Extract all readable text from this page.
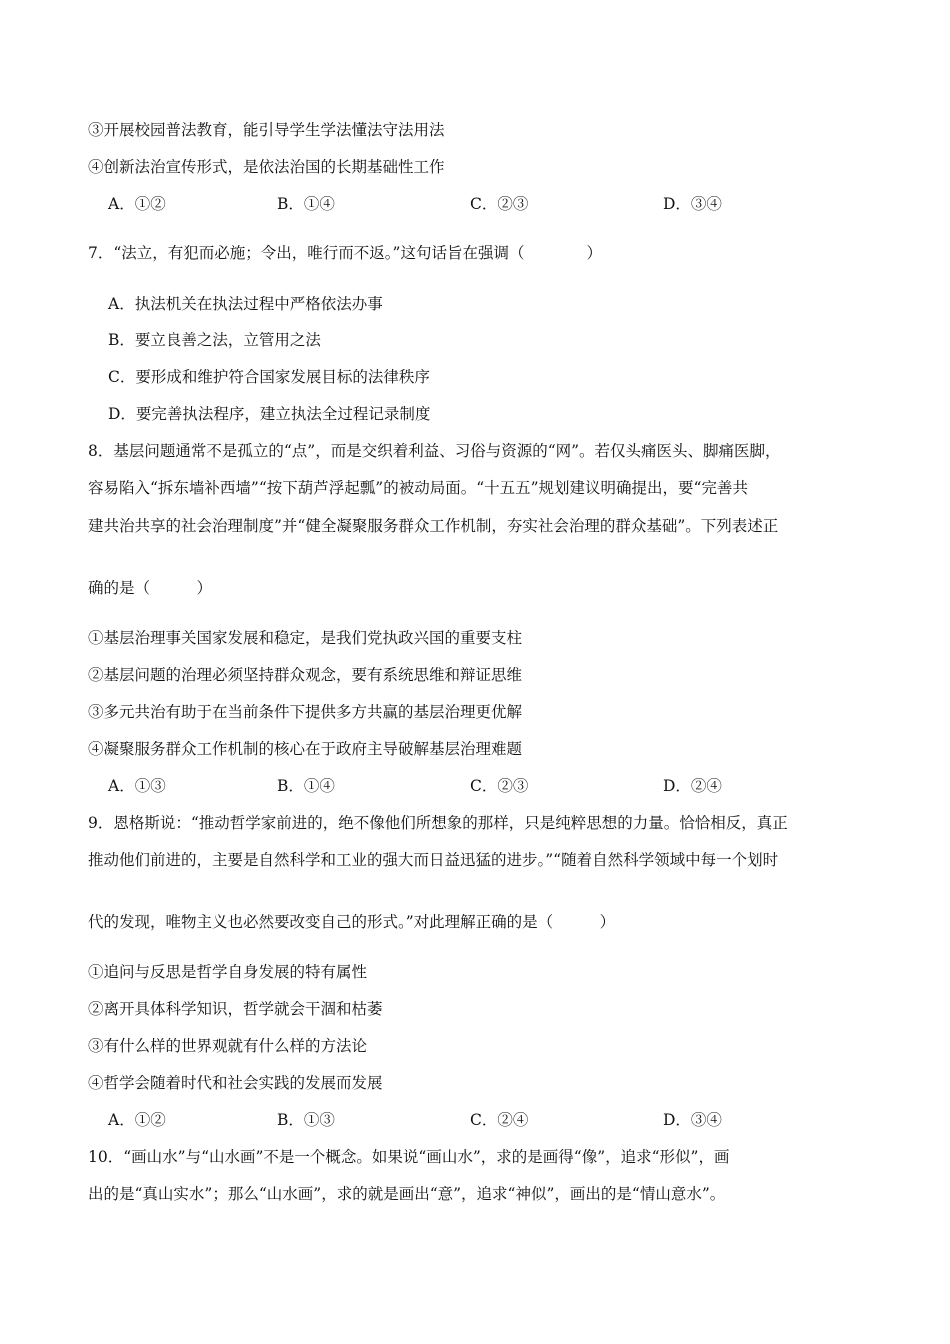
③开展校园普法教育，能引导学生学法懂法守法用法
④创新法治宣传形式，是依法治国的长期基础性工作
A．①②	B．①④	C．②③	D．③④
7．“法立，有犯而必施；令出，唯行而不返。”这句话旨在强调（　　　　）
A．执法机关在执法过程中严格依法办事
B．要立良善之法，立管用之法
C．要形成和维护符合国家发展目标的法律秩序
D．要完善执法程序，建立执法全过程记录制度
8．基层问题通常不是孤立的“点”，而是交织着利益、习俗与资源的“网”。若仅头痛医头、脚痛医脚，
容易陷入“拆东墙补西墙”“按下葫芦浮起瓢”的被动局面。“十五五”规划建议明确提出，要“完善共
建共治共享的社会治理制度”并“健全凝聚服务群众工作机制，夯实社会治理的群众基础”。下列表述正
确的是（　　　）
①基层治理事关国家发展和稳定，是我们党执政兴国的重要支柱
②基层问题的治理必须坚持群众观念，要有系统思维和辩证思维
③多元共治有助于在当前条件下提供多方共赢的基层治理更优解
④凝聚服务群众工作机制的核心在于政府主导破解基层治理难题
A．①③	B．①④	C．②③	D．②④
9．恩格斯说：“推动哲学家前进的，绝不像他们所想象的那样，只是纯粹思想的力量。恰恰相反，真正
推动他们前进的，主要是自然科学和工业的强大而日益迅猛的进步。”“随着自然科学领域中每一个划时
代的发现，唯物主义也必然要改变自己的形式。”对此理解正确的是（　　　）
①追问与反思是哲学自身发展的特有属性
②离开具体科学知识，哲学就会干涸和枯萎
③有什么样的世界观就有什么样的方法论
④哲学会随着时代和社会实践的发展而发展
A．①②	B．①③	C．②④	D．③④
10．“画山水”与“山水画”不是一个概念。如果说“画山水”，求的是画得“像”，追求“形似”，画
出的是“真山实水”；那么“山水画”，求的就是画出“意”，追求“神似”，画出的是“情山意水”。
